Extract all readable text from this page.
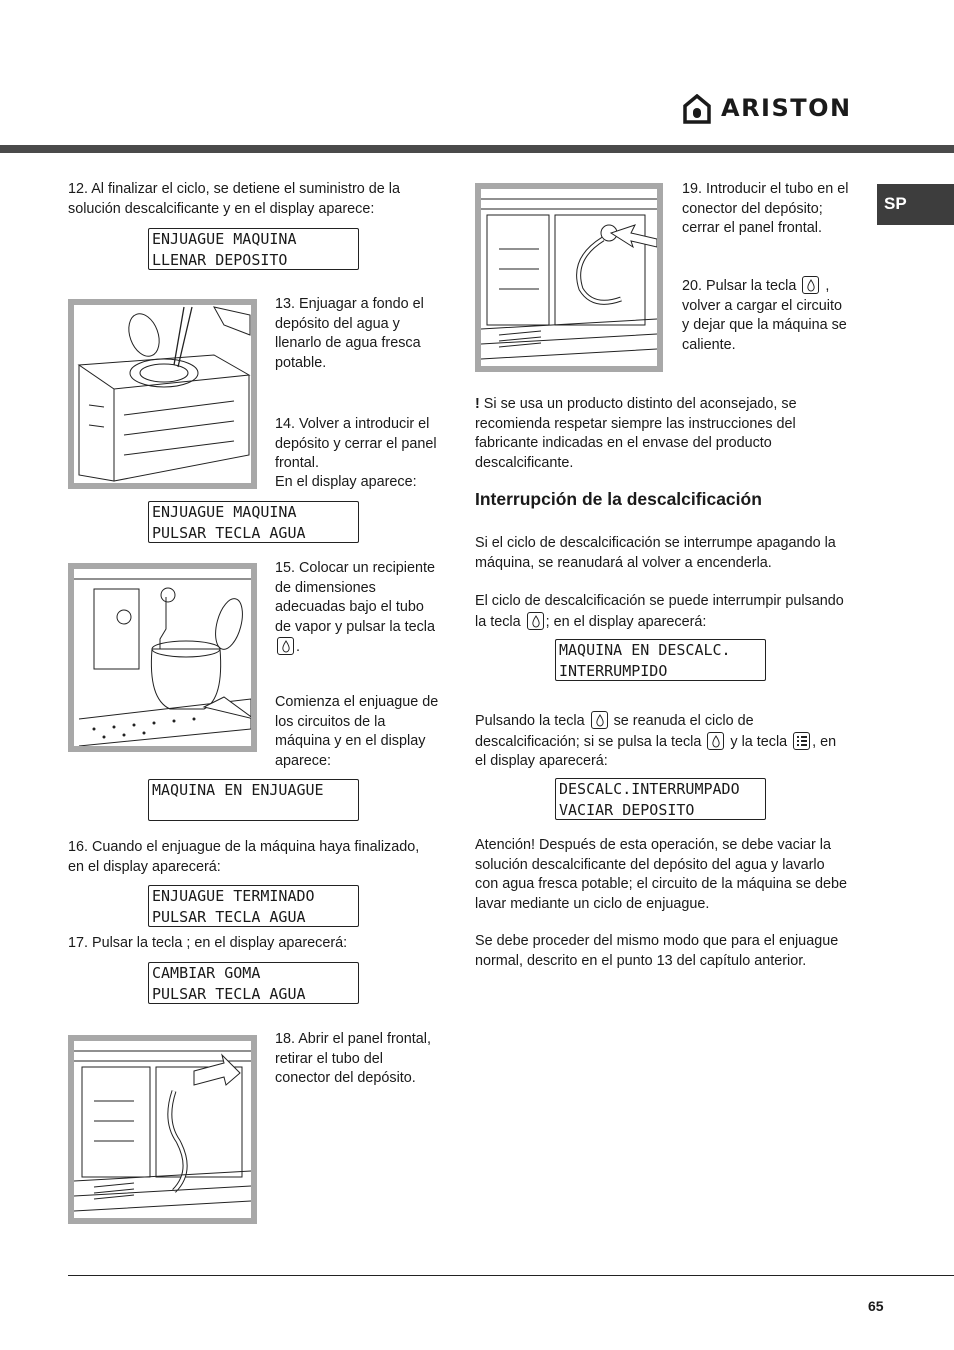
ARISTON
SP

12. Al finalizar el ciclo, se detiene el suministro de la solución descalcificante y en el display aparece:

ENJUAGUE MAQUINA
LLENAR DEPOSITO

13. Enjuagar a fondo el depósito del agua y llenarlo de agua fresca potable.

14. Volver a introducir el depósito y cerrar el panel frontal.

En el display aparece:

ENJUAGUE MAQUINA
PULSAR TECLA AGUA

15. Colocar un recipiente de dimensiones adecuadas bajo el tubo de vapor y pulsar la tecla
.

Comienza el enjuague de los circuitos de la máquina y en el display aparece:

MAQUINA EN ENJUAGUE

16. Cuando el enjuague de la máquina haya finalizado, en el display aparecerá:

ENJUAGUE TERMINADO
PULSAR TECLA AGUA

17. Pulsar la tecla ; en el display aparecerá:

CAMBIAR GOMA
PULSAR TECLA AGUA

18. Abrir el panel frontal, retirar el tubo del conector del depósito.

19. Introducir el tubo en el conector del depósito; cerrar el panel frontal.

20. Pulsar la tecla , volver a cargar el circuito y dejar que la máquina se caliente.

! Si se usa un producto distinto del aconsejado, se recomienda respetar siempre las instrucciones del fabricante indicadas en el envase del producto descalcificante.

Interrupción de la descalcificación

Si el ciclo de descalcificación se interrumpe apagando la máquina, se reanudará al volver a encenderla.

El ciclo de descalcificación se puede interrumpir pulsando la tecla ; en el display aparecerá:

MAQUINA EN DESCALC.
INTERRUMPIDO

Pulsando la tecla
se reanuda el ciclo de descalcificación; si se pulsa la tecla
y la tecla , en el display aparecerá:

DESCALC.INTERRUMPADO
VACIAR DEPOSITO

Atención! Después de esta operación, se debe vaciar la solución descalcificante del depósito del agua y lavarlo con agua fresca potable; el circuito de la máquina se debe lavar mediante un ciclo de enjuague.

Se debe proceder del mismo modo que para el enjuague normal, descrito en el punto 13 del capítulo anterior.

65
